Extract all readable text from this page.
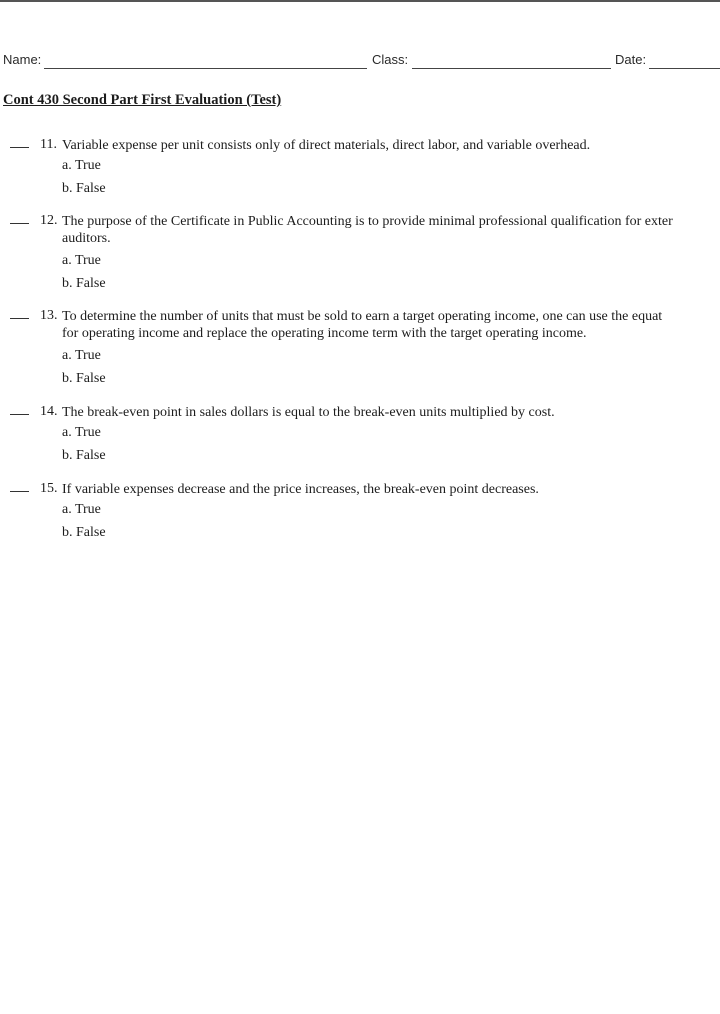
Name:	Class:	Date:
Cont 430 Second Part First Evaluation (Test)
11. Variable expense per unit consists only of direct materials, direct labor, and variable overhead.
a. True
b. False
12. The purpose of the Certificate in Public Accounting is to provide minimal professional qualification for exter
auditors.
a. True
b. False
13. To determine the number of units that must be sold to earn a target operating income, one can use the equat
for operating income and replace the operating income term with the target operating income.
a. True
b. False
14. The break-even point in sales dollars is equal to the break-even units multiplied by cost.
a. True
b. False
15. If variable expenses decrease and the price increases, the break-even point decreases.
a. True
b. False
